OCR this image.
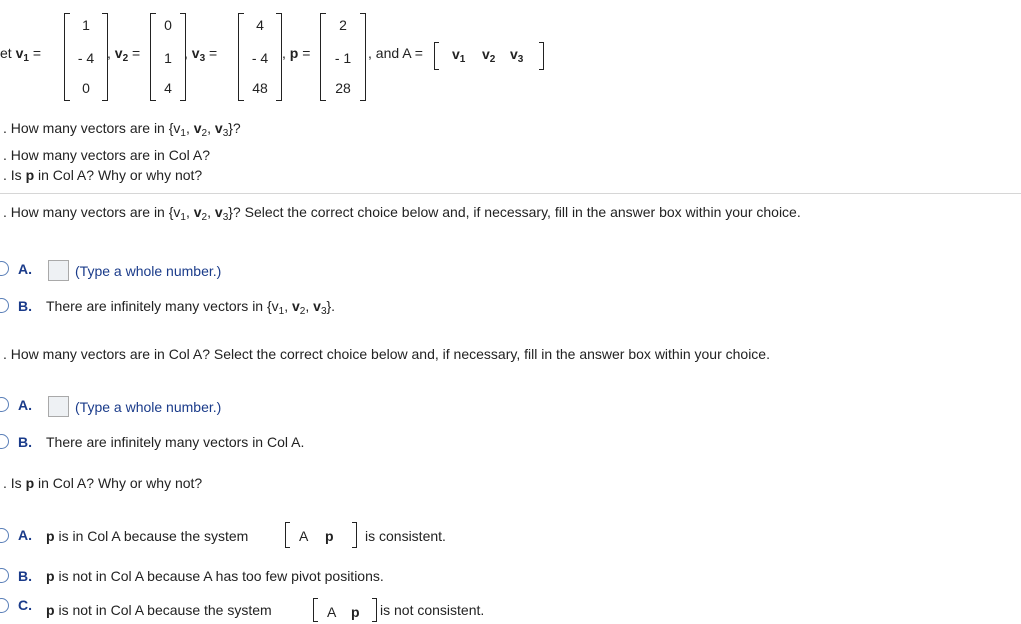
et $v_1$ =
1
- 4
0
, $v_2$ =
0
1
4
, $v_3$ =
4
- 4
48
, p =
2
- 1
28
, and $A = v_1$ $v_2$ $v_3$
. How many vectors are in {$v_1$, $v_2$, $v_3$}?
. How many vectors are in Col A?
. Is p in Col A? Why or why not?
. How many vectors are in {$v_1$, $v_2$, $v_3$}? Select the correct choice below and, if necessary, fill in the answer box within your choice.
A.	(Type a whole number.)
B. There are infinitely many vectors in {$v_1$, $v_2$, $v_3$}.
. How many vectors are in Col A? Select the correct choice below and, if necessary, fill in the answer box within your choice.
A.	(Type a whole number.)
B. There are infinitely many vectors in Col A.
. Is p in Col A? Why or why not?
A. p is in Col A because the system	A p is consistent.
B. p is not in Col A because A has too few pivot positions.
C. p is not in Col A because the system	A p is not consistent.
